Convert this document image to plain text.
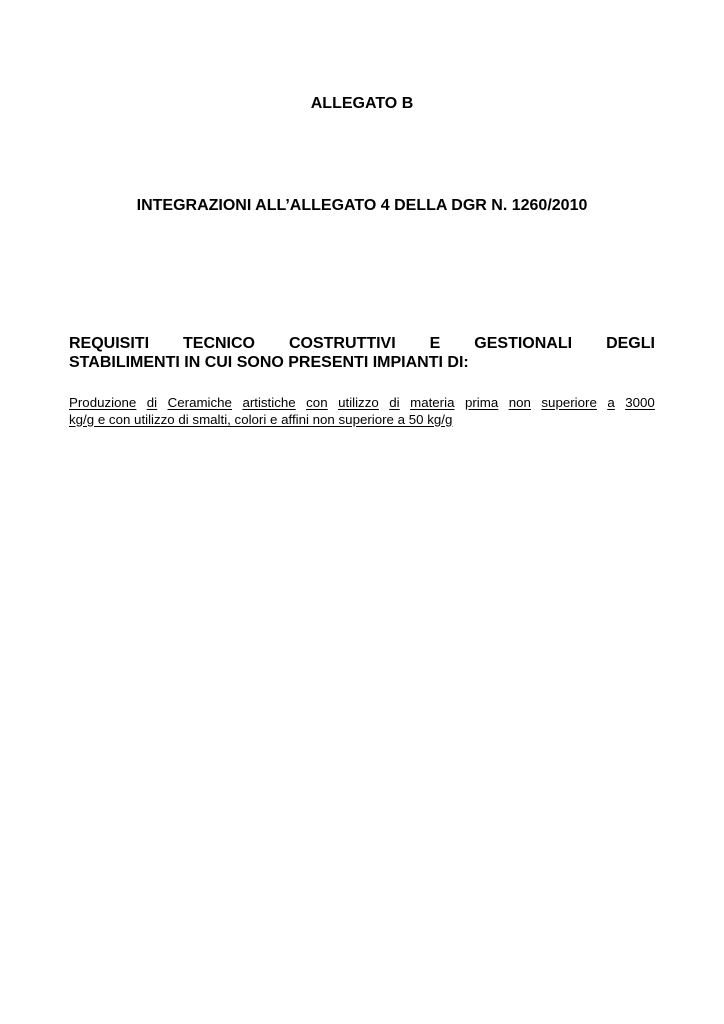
ALLEGATO B
INTEGRAZIONI ALL’ALLEGATO 4 DELLA DGR N. 1260/2010
REQUISITI TECNICO COSTRUTTIVI E GESTIONALI DEGLI
STABILIMENTI IN CUI SONO PRESENTI IMPIANTI DI:
Produzione di Ceramiche artistiche con utilizzo di materia prima non superiore a 3000
kg/g e con utilizzo di smalti, colori e affini non superiore a 50 kg/g
